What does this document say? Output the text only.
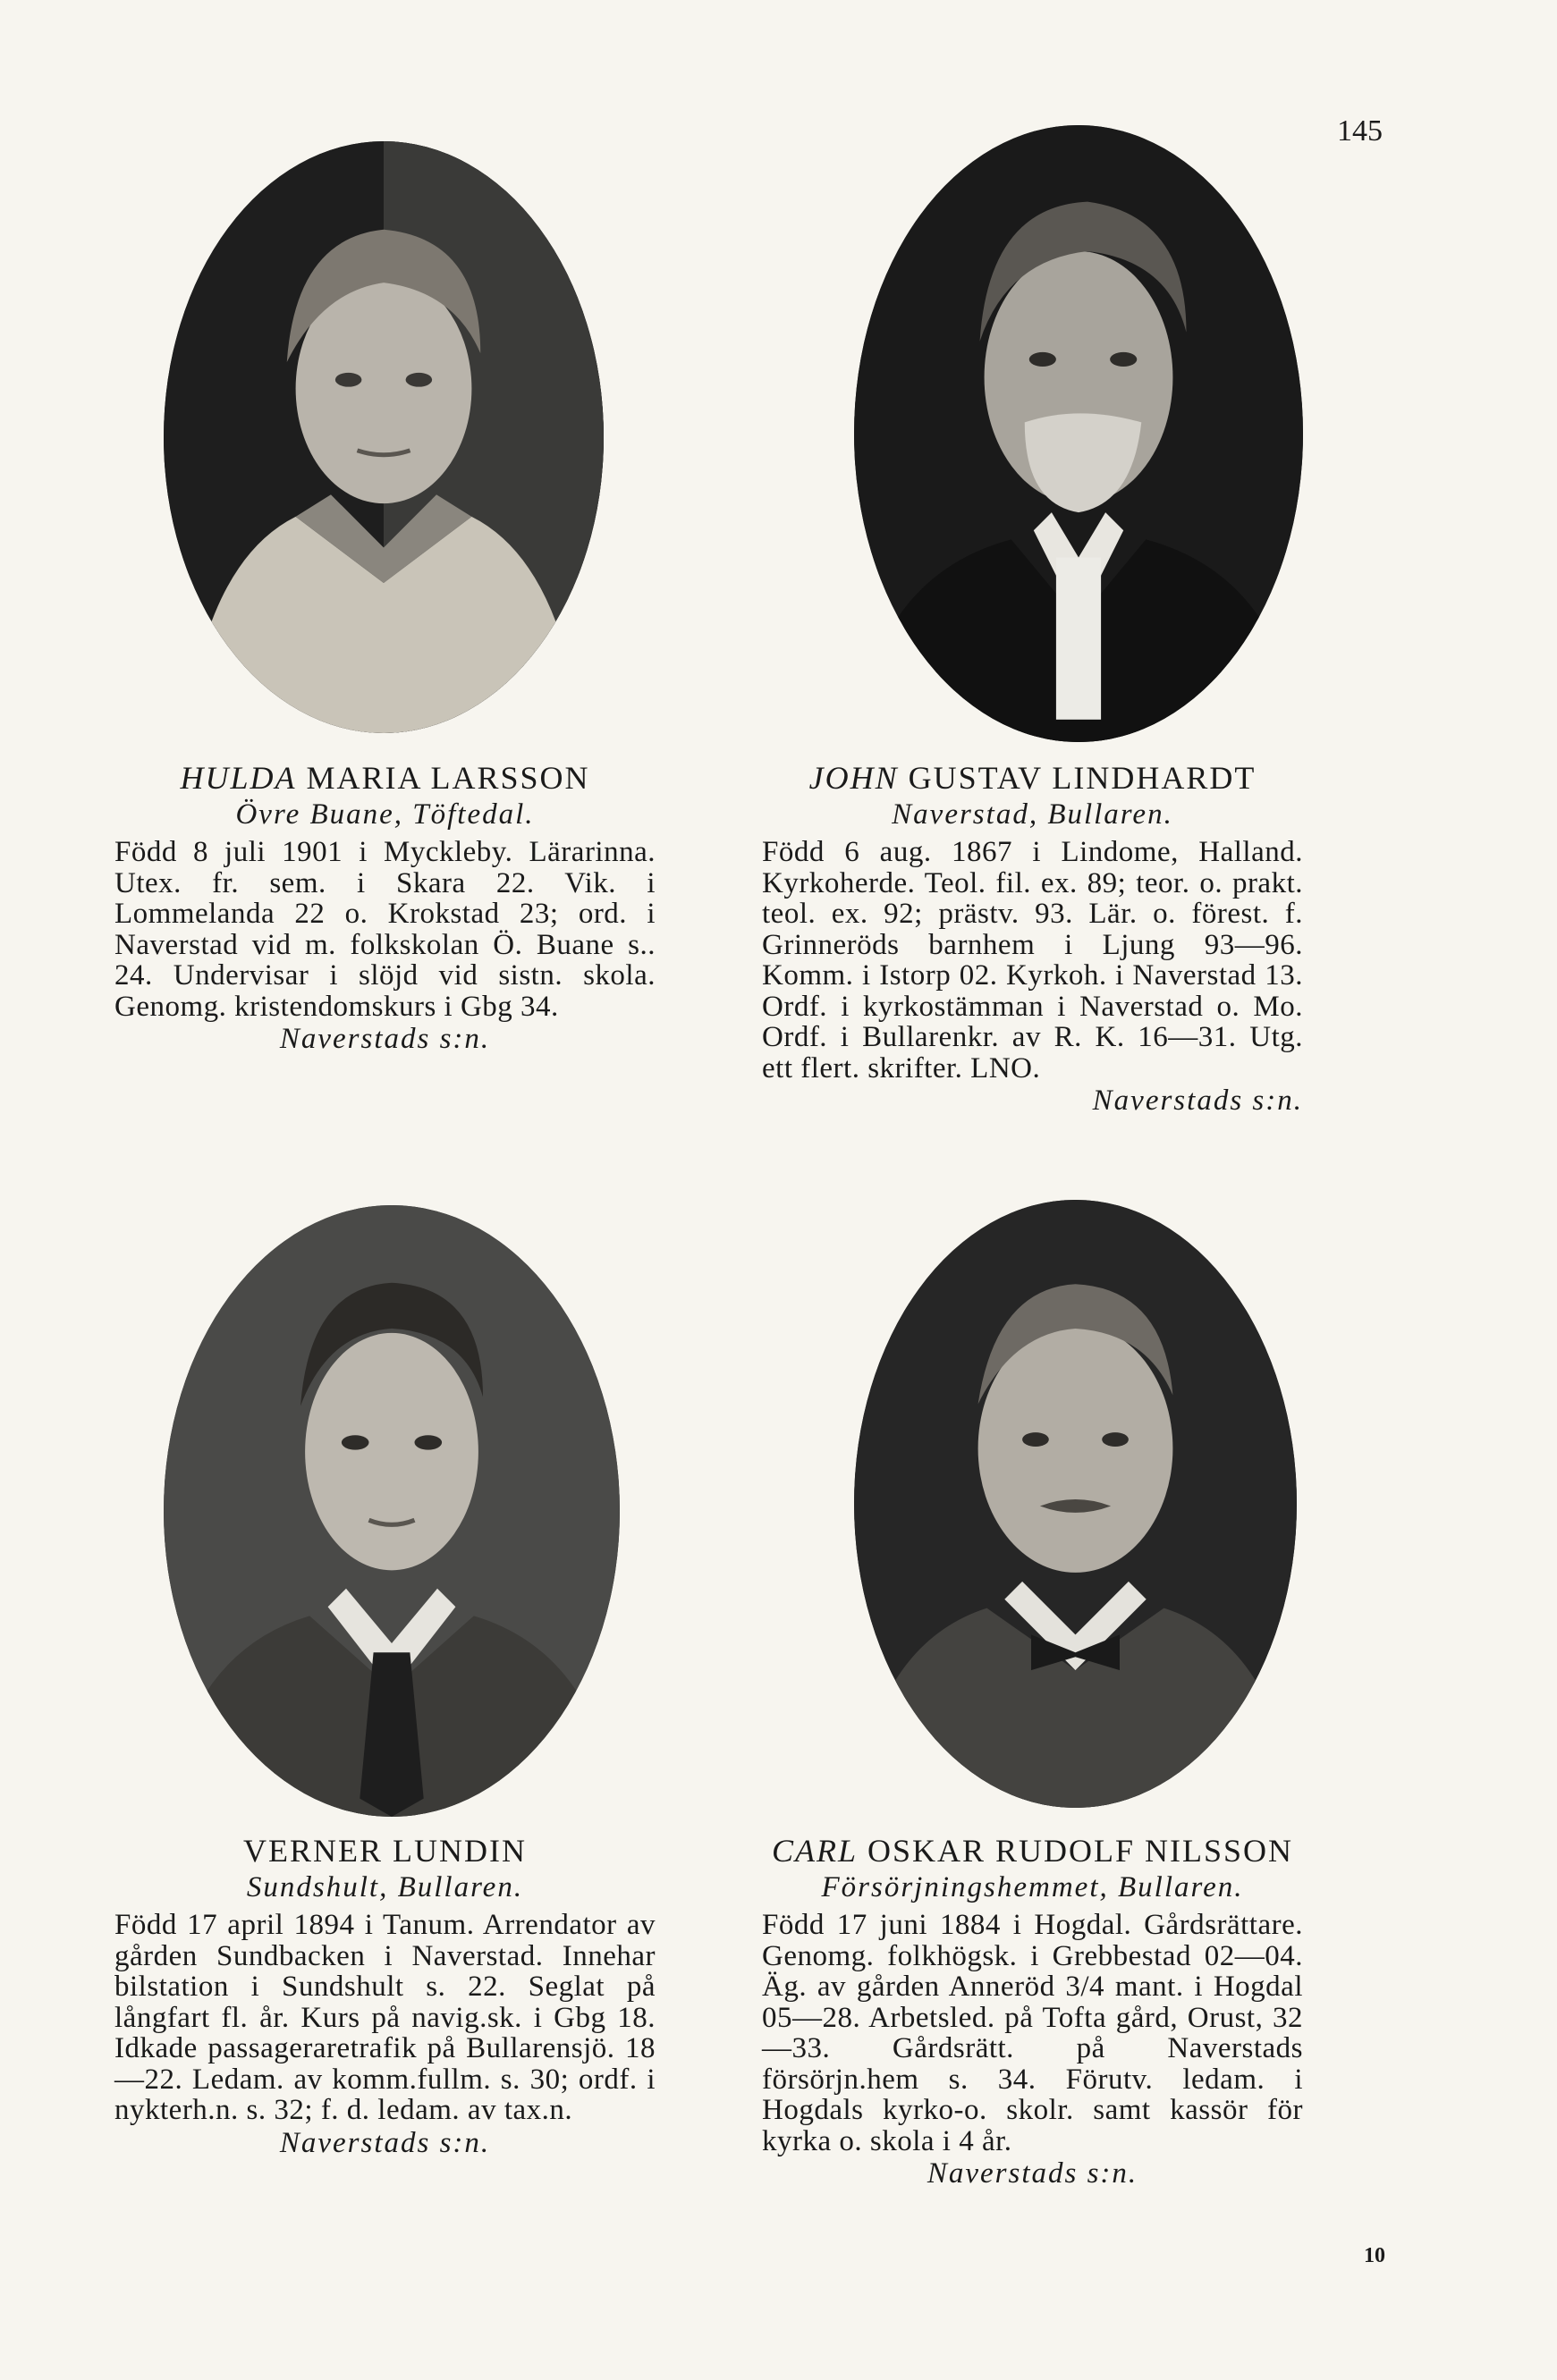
145

HULDA MARIA LARSSON

Övre Buane, Töftedal.

Född 8 juli 1901 i Myckleby. Lärarinna. Utex. fr. sem. i Skara 22. Vik. i Lommelanda 22 o. Krokstad 23; ord. i Naverstad vid m. folkskolan Ö. Buane s.. 24. Undervisar i slöjd vid sistn. skola. Genomg. kristendomskurs i Gbg 34.

Naverstads s:n.

JOHN GUSTAV LINDHARDT

Naverstad, Bullaren.

Född 6 aug. 1867 i Lindome, Halland. Kyrkoherde. Teol. fil. ex. 89; teor. o. prakt. teol. ex. 92; prästv. 93. Lär. o. förest. f. Grinneröds barnhem i Ljung 93—96. Komm. i Istorp 02. Kyrkoh. i Naverstad 13. Ordf. i kyrkostämman i Naverstad o. Mo. Ordf. i Bullarenkr. av R. K. 16—31. Utg. ett flert. skrifter. LNO.

Naverstads s:n.

VERNER LUNDIN

Sundshult, Bullaren.

Född 17 april 1894 i Tanum. Arrendator av gården Sundbacken i Naverstad. Innehar bilstation i Sundshult s. 22. Seglat på långfart fl. år. Kurs på navig.sk. i Gbg 18. Idkade passageraretrafik på Bullarensjö. 18—22. Ledam. av komm.fullm. s. 30; ordf. i nykterh.n. s. 32; f. d. ledam. av tax.n.

Naverstads s:n.

CARL OSKAR RUDOLF NILSSON

Försörjningshemmet, Bullaren.

Född 17 juni 1884 i Hogdal. Gårdsrättare. Genomg. folkhögsk. i Grebbestad 02—04. Äg. av gården Anneröd 3/4 mant. i Hogdal 05—28. Arbetsled. på Tofta gård, Orust, 32—33. Gårdsrätt. på Naverstads försörjn.hem s. 34. Förutv. ledam. i Hogdals kyrko-o. skolr. samt kassör för kyrka o. skola i 4 år.

Naverstads s:n.

10
